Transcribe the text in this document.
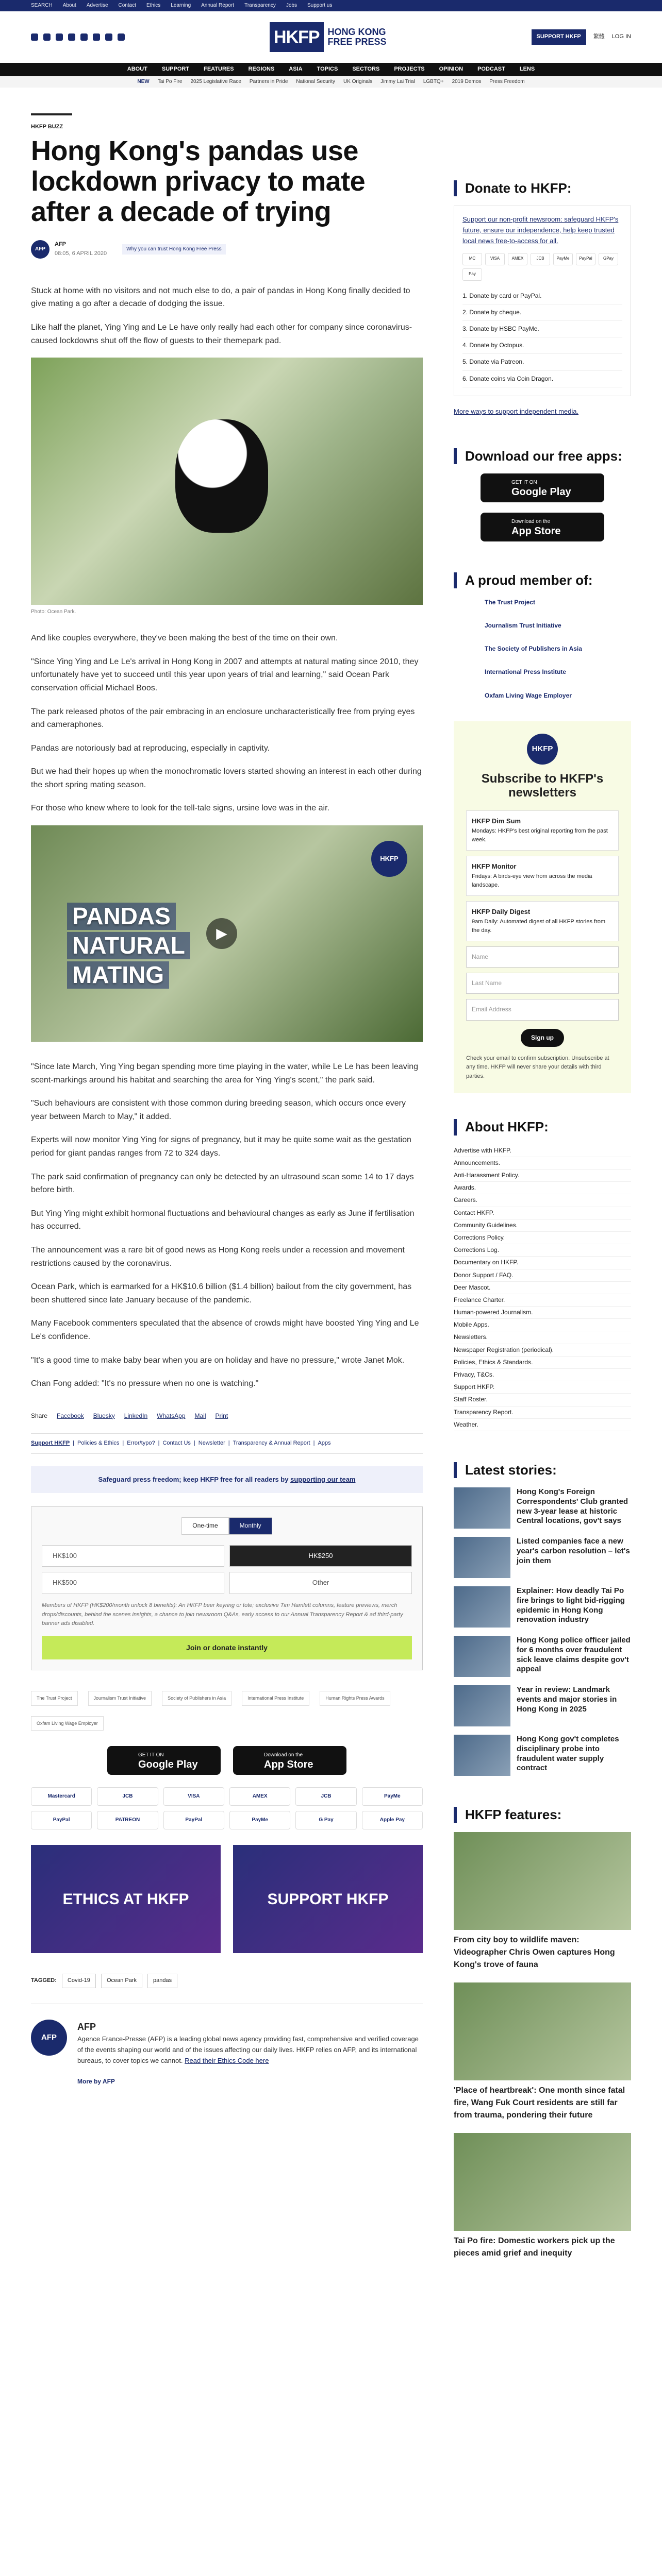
SEARCH About Advertise Contact Ethics Learning Annual Report Transparency Jobs Support us
HKFP HONG KONG
FREE PRESS	SUPPORT HKFP	繁體 LOG IN
ABOUT	SUPPORT	FEATURES	REGIONS	ASIA	TOPICS	SECTORS	PROJECTS	OPINION	PODCAST	LENS
NEW Tai Po Fire 2025 Legislative Race Partners in Pride National Security UK Originals Jimmy Lai Trial LGBTQ+ 2019 Demos Press Freedom
HKFP BUZZ
Hong Kong's pandas use lockdown privacy to mate after a decade of trying
AFP
AFP
08:05, 6 APRIL 2020
Why you can trust Hong Kong Free Press

Stuck at home with no visitors and not much else to do, a pair of pandas in Hong Kong finally decided to give mating a go after a decade of dodging the issue.

Like half the planet, Ying Ying and Le Le have only really had each other for company since coronavirus-caused lockdowns shut off the flow of guests to their themepark pad.

Photo: Ocean Park.

And like couples everywhere, they've been making the best of the time on their own.

"Since Ying Ying and Le Le's arrival in Hong Kong in 2007 and attempts at natural mating since 2010, they unfortunately have yet to succeed until this year upon years of trial and learning," said Ocean Park conservation official Michael Boos.

The park released photos of the pair embracing in an enclosure uncharacteristically free from prying eyes and cameraphones.

Pandas are notoriously bad at reproducing, especially in captivity.

But we had their hopes up when the monochromatic lovers started showing an interest in each other during the short spring mating season.

For those who knew where to look for the tell-tale signs, ursine love was in the air.

PANDAS
NATURAL
MATING
▶
HKFP

"Since late March, Ying Ying began spending more time playing in the water, while Le Le has been leaving scent-markings around his habitat and searching the area for Ying Ying's scent," the park said.

"Such behaviours are consistent with those common during breeding season, which occurs once every year between March to May," it added.

Experts will now monitor Ying Ying for signs of pregnancy, but it may be quite some wait as the gestation period for giant pandas ranges from 72 to 324 days.

The park said confirmation of pregnancy can only be detected by an ultrasound scan some 14 to 17 days before birth.

But Ying Ying might exhibit hormonal fluctuations and behavioural changes as early as June if fertilisation has occurred.

The announcement was a rare bit of good news as Hong Kong reels under a recession and movement restrictions caused by the coronavirus.

Ocean Park, which is earmarked for a HK$10.6 billion ($1.4 billion) bailout from the city government, has been shuttered since late January because of the pandemic.

Many Facebook commenters speculated that the absence of crowds might have boosted Ying Ying and Le Le's confidence.

"It's a good time to make baby bear when you are on holiday and have no pressure," wrote Janet Mok.

Chan Fong added: "It's no pressure when no one is watching."

Share Facebook Bluesky LinkedIn WhatsApp Mail Print
Support HKFP | Policies & Ethics | Error/typo? | Contact Us | Newsletter | Transparency & Annual Report | Apps
Safeguard press freedom; keep HKFP free for all readers by supporting our team
One-time	Monthly
HK$100	HK$250
HK$500	Other
Members of HKFP (HK$200/month unlock 8 benefits): An HKFP beer keyring or tote; exclusive Tim Hamlett columns, feature previews, merch drops/discounts, behind the scenes insights, a chance to join newsroom Q&As, early access to our Annual Transparency Report & ad third-party banner ads disabled.
Join or donate instantly
The Trust Project	Journalism Trust Initiative	Society of Publishers in Asia	International Press Institute	Human Rights Press Awards
Oxfam Living Wage Employer
GET IT ON
Google Play
Download on the
App Store
Mastercard	JCB	VISA	AMEX	JCB	PayMe
PayPal	PATREON	PayPal	PayMe	G Pay	Apple Pay
ETHICS AT HKFP	SUPPORT HKFP
TAGGED:	Covid-19	Ocean Park	pandas
AFP
AFP

Agence France-Presse (AFP) is a leading global news agency providing fast, comprehensive and verified coverage of the events shaping our world and of the issues affecting our daily lives. HKFP relies on AFP, and its international bureaus, to cover topics we cannot. Read their Ethics Code here

More by AFP
Donate to HKFP:
Support our non-profit newsroom: safeguard HKFP's future, ensure our independence, help keep trusted local news free-to-access for all.
MC	VISA	AMEX	JCB	PayMe	PayPal	GPay
Pay
1. Donate by card or PayPal.
2. Donate by cheque.
3. Donate by HSBC PayMe.
4. Donate by Octopus.
5. Donate via Patreon.
6. Donate coins via Coin Dragon.
More ways to support independent media.
Download our free apps:
GET IT ON
Google Play
Download on the
App Store
A proud member of:
The Trust Project
Journalism Trust Initiative
The Society of Publishers in Asia
International Press Institute
Oxfam Living Wage Employer
HKFP
Subscribe to HKFP's newsletters
HKFP Dim Sum
Mondays: HKFP's best original reporting from the past week.
HKFP Monitor
Fridays: A birds-eye view from across the media landscape.
HKFP Daily Digest
9am Daily: Automated digest of all HKFP stories from the day.
Name
Last Name
Email Address
Sign up
Check your email to confirm subscription. Unsubscribe at any time. HKFP will never share your details with third parties.
About HKFP:
Advertise with HKFP.
Announcements.
Anti-Harassment Policy.
Awards.
Careers.
Contact HKFP.
Community Guidelines.
Corrections Policy.
Corrections Log.
Documentary on HKFP.
Donor Support / FAQ.
Deer Mascot.
Freelance Charter.
Human-powered Journalism.
Mobile Apps.
Newsletters.
Newspaper Registration (periodical).
Policies, Ethics & Standards.
Privacy, T&Cs.
Support HKFP.
Staff Roster.
Transparency Report.
Weather.
Latest stories:
Hong Kong's Foreign Correspondents' Club granted new 3-year lease at historic Central locations, gov't says
Listed companies face a new year's carbon resolution – let's join them
Explainer: How deadly Tai Po fire brings to light bid-rigging epidemic in Hong Kong renovation industry
Hong Kong police officer jailed for 6 months over fraudulent sick leave claims despite gov't appeal
Year in review: Landmark events and major stories in Hong Kong in 2025
Hong Kong gov't completes disciplinary probe into fraudulent water supply contract
HKFP features:
From city boy to wildlife maven: Videographer Chris Owen captures Hong Kong's trove of fauna
'Place of heartbreak': One month since fatal fire, Wang Fuk Court residents are still far from trauma, pondering their future
Tai Po fire: Domestic workers pick up the pieces amid grief and inequity
